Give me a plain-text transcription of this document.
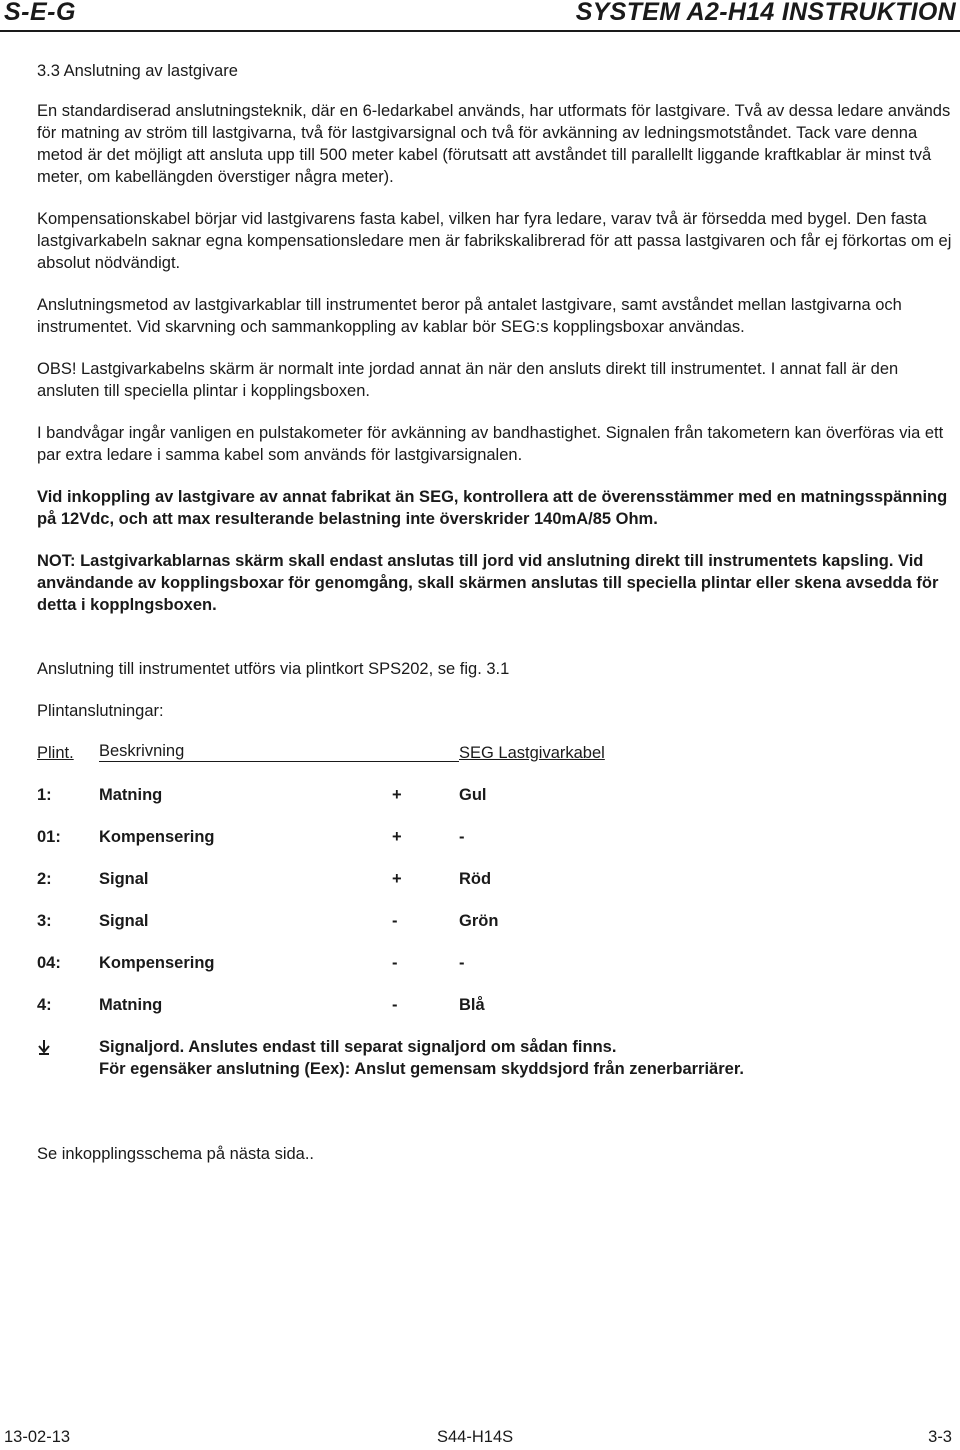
S-E-G	SYSTEM A2-H14 INSTRUKTION
3.3 Anslutning av lastgivare

En standardiserad anslutningsteknik, där en 6-ledarkabel används, har utformats för lastgivare. Två av dessa ledare används för matning av ström till lastgivarna, två för lastgivarsignal och två för avkänning av ledningsmotståndet. Tack vare denna metod är det möjligt att ansluta upp till 500 meter kabel (förutsatt att avståndet till parallellt liggande kraftkablar är minst två meter, om kabellängden överstiger några meter).

Kompensationskabel börjar vid lastgivarens fasta kabel, vilken har fyra ledare, varav två är försedda med bygel. Den fasta lastgivarkabeln saknar egna kompensationsledare men är fabrikskalibrerad för att passa lastgivaren och får ej förkortas om ej absolut nödvändigt.

Anslutningsmetod av lastgivarkablar till instrumentet beror på antalet lastgivare, samt avståndet mellan lastgivarna och instrumentet. Vid skarvning och sammankoppling av kablar bör SEG:s kopplingsboxar användas.

OBS! Lastgivarkabelns skärm är normalt inte jordad annat än när den ansluts direkt till instrumentet. I annat fall är den ansluten till speciella plintar i kopplingsboxen.

I bandvågar ingår vanligen en pulstakometer för avkänning av bandhastighet. Signalen från takometern kan överföras via ett par extra ledare i samma kabel som används för lastgivarsignalen.

Vid inkoppling av lastgivare av annat fabrikat än SEG, kontrollera att de överensstämmer med en matningsspänning på 12Vdc, och att max resulterande belastning inte överskrider 140mA/85 Ohm.

NOT: Lastgivarkablarnas skärm skall endast anslutas till jord vid anslutning direkt till instrumentets kapsling. Vid användande av kopplingsboxar för genomgång, skall skärmen anslutas till speciella plintar eller skena avsedda för detta i kopplngsboxen.

Anslutning till instrumentet utförs via plintkort SPS202, se fig. 3.1

Plintanslutningar:

Plint. Beskrivning	SEG Lastgivarkabel
1:	Matning	+	Gul
01: Kompensering	+	-
2:	Signal	+	Röd
3:	Signal	-	Grön
04: Kompensering	-	-
4:	Matning	-	Blå
Signaljord. Anslutes endast till separat signaljord om sådan finns.
För egensäker anslutning (Eex): Anslut gemensam skyddsjord från zenerbarriärer.

Se inkopplingsschema på nästa sida..

13-02-13	S44-H14S	3-3
